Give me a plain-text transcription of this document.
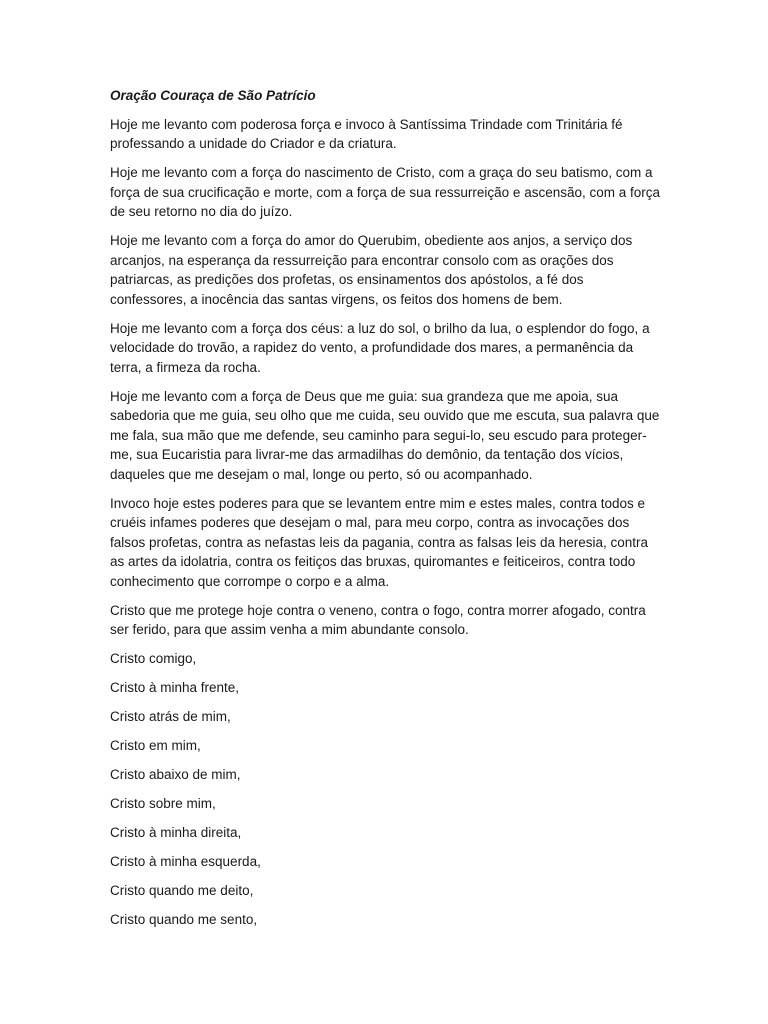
Oração Couraça de São Patrício

Hoje me levanto com poderosa força e invoco à Santíssima Trindade com Trinitária fé professando a unidade do Criador e da criatura.

Hoje me levanto com a força do nascimento de Cristo, com a graça do seu batismo, com a força de sua crucificação e morte, com a força de sua ressurreição e ascensão, com a força de seu retorno no dia do juízo.

Hoje me levanto com a força do amor do Querubim, obediente aos anjos, a serviço dos arcanjos, na esperança da ressurreição para encontrar consolo com as orações dos patriarcas, as predições dos profetas, os ensinamentos dos apóstolos, a fé dos confessores, a inocência das santas virgens, os feitos dos homens de bem.

Hoje me levanto com a força dos céus: a luz do sol, o brilho da lua, o esplendor do fogo, a velocidade do trovão, a rapidez do vento, a profundidade dos mares, a permanência da terra, a firmeza da rocha.

Hoje me levanto com a força de Deus que me guia: sua grandeza que me apoia, sua sabedoria que me guia, seu olho que me cuida, seu ouvido que me escuta, sua palavra que me fala, sua mão que me defende, seu caminho para segui-lo, seu escudo para proteger-me, sua Eucaristia para livrar-me das armadilhas do demônio, da tentação dos vícios, daqueles que me desejam o mal, longe ou perto, só ou acompanhado.

Invoco hoje estes poderes para que se levantem entre mim e estes males, contra todos e cruéis infames poderes que desejam o mal, para meu corpo, contra as invocações dos falsos profetas, contra as nefastas leis da pagania, contra as falsas leis da heresia, contra as artes da idolatria, contra os feitiços das bruxas, quiromantes e feiticeiros, contra todo conhecimento que corrompe o corpo e a alma.

Cristo que me protege hoje contra o veneno, contra o fogo, contra morrer afogado, contra ser ferido, para que assim venha a mim abundante consolo.

Cristo comigo,

Cristo à minha frente,

Cristo atrás de mim,

Cristo em mim,

Cristo abaixo de mim,

Cristo sobre mim,

Cristo à minha direita,

Cristo à minha esquerda,

Cristo quando me deito,

Cristo quando me sento,
